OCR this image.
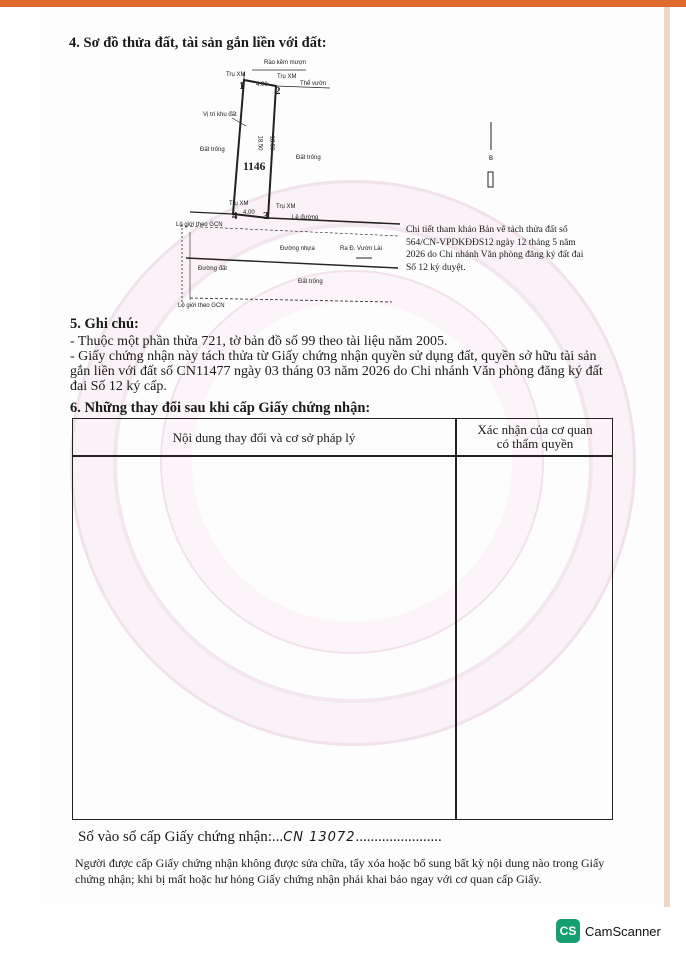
4. Sơ đồ thửa đất, tài sản gắn liền với đất:
B
1	2
3
4
1146
4.00
4.00
18.50 18.50
Rào kẽm mượn
Trụ XM	Trụ XM
Thể vườn
Vị trí khu đất
Đất trống
Đất trống
Trụ XM	Trụ XM
Lề đường
Lộ giới theo GCN
Đường nhựa	Ra Đ. Vườn Lài
Đường đất
Đất trống
Lộ giới theo GCN
Chi tiết tham khảo Bản vẽ tách thửa đất số 564/CN-VPDKĐĐS12 ngày 12 tháng 5 năm 2026 do Chi nhánh Văn phòng đăng ký đất đai Số 12 ký duyệt.
5. Ghi chú:
- Thuộc một phần thửa 721, tờ bản đồ số 99 theo tài liệu năm 2005.
- Giấy chứng nhận này tách thửa từ Giấy chứng nhận quyền sử dụng đất, quyền sở hữu tài sản
gắn liền với đất số CN11477 ngày 03 tháng 03 năm 2026 do Chi nhánh Văn phòng đăng ký đất
đai Số 12 ký cấp.
6. Những thay đổi sau khi cấp Giấy chứng nhận:
Nội dung thay đổi và cơ sở pháp lý
Xác nhận của cơ quan
có thẩm quyền
Số vào sổ cấp Giấy chứng nhận:...CN 13072.......................
Người được cấp Giấy chứng nhận không được sửa chữa, tẩy xóa hoặc bổ sung bất kỳ nội dung nào trong Giấy chứng nhận; khi bị mất hoặc hư hỏng Giấy chứng nhận phải khai báo ngay với cơ quan cấp Giấy.
CS CamScanner
